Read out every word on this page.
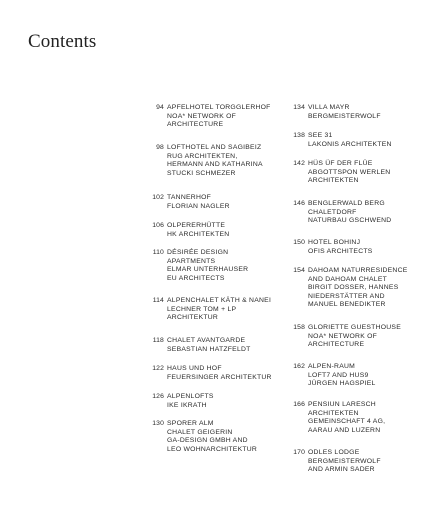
Contents
94 APFELHOTEL TORGGLERHOF
NOA* NETWORK OF
ARCHITECTURE
98 LOFTHOTEL AND SAGIBEIZ
RUG ARCHITEKTEN,
HERMANN AND KATHARINA
STUCKI SCHMEZER
102 TANNERHOF
FLORIAN NAGLER
106 OLPERERHÜTTE
HK ARCHITEKTEN
110 DÉSIRÉE DESIGN
APARTMENTS
ELMAR UNTERHAUSER
EU ARCHITECTS
114 ALPENCHALET KÄTH & NANEI
LECHNER TOM + LP
ARCHITEKTUR
118 CHALET AVANTGARDE
SEBASTIAN HATZFELDT
122 HAUS UND HOF
FEUERSINGER ARCHITEKTUR
126 ALPENLOFTS
IKE IKRATH
130 SPORER ALM
CHALET GEIGERIN
GA-DESIGN GMBH AND
LEO WOHNARCHITEKTUR
134 VILLA MAYR
BERGMEISTERWOLF
138 SEE 31
LAKONIS ARCHITEKTEN
142 HÜS ÜF DER FLÜE
ABGOTTSPON WERLEN
ARCHITEKTEN
146 BENGLERWALD BERG
CHALETDORF
NATURBAU GSCHWEND
150 HOTEL BOHINJ
OFIS ARCHITECTS
154 DAHOAM NATURRESIDENCE
AND DAHOAM CHALET
BIRGIT DOSSER, HANNES
NIEDERSTÄTTER AND
MANUEL BENEDIKTER
158 GLORIETTE GUESTHOUSE
NOA* NETWORK OF
ARCHITECTURE
162 ALPEN-RAUM
LOFT7 AND HUS9
JÜRGEN HAGSPIEL
166 PENSIUN LARESCH
ARCHITEKTEN
GEMEINSCHAFT 4 AG,
AARAU AND LUZERN
170 ODLES LODGE
BERGMEISTERWOLF
AND ARMIN SADER
